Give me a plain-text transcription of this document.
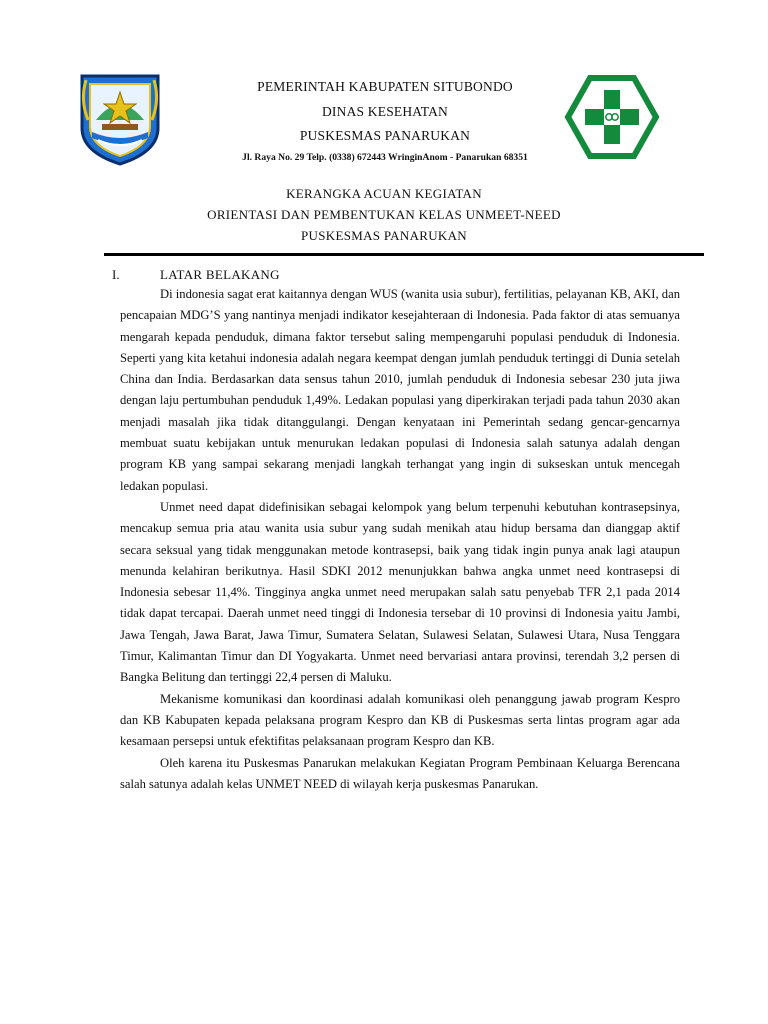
PEMERINTAH KABUPATEN SITUBONDO
DINAS KESEHATAN
PUSKESMAS PANARUKAN
Jl. Raya No. 29 Telp. (0338) 672443 WringinAnom - Panarukan 68351
KERANGKA ACUAN KEGIATAN
ORIENTASI DAN PEMBENTUKAN KELAS UNMEET-NEED
PUSKESMAS PANARUKAN
I.	LATAR BELAKANG

Di indonesia sagat erat kaitannya dengan WUS (wanita usia subur), fertilitias, pelayanan KB, AKI, dan pencapaian MDG’S yang nantinya menjadi indikator kesejahteraan di Indonesia. Pada faktor di atas semuanya mengarah kepada penduduk, dimana faktor tersebut saling mempengaruhi populasi penduduk di Indonesia. Seperti yang kita ketahui indonesia adalah negara keempat dengan jumlah penduduk tertinggi di Dunia setelah China dan India. Berdasarkan data sensus tahun 2010, jumlah penduduk di Indonesia sebesar 230 juta jiwa dengan laju pertumbuhan penduduk 1,49%. Ledakan populasi yang diperkirakan terjadi pada tahun 2030 akan menjadi masalah jika tidak ditanggulangi. Dengan kenyataan ini Pemerintah sedang gencar-gencarnya membuat suatu kebijakan untuk menurukan ledakan populasi di Indonesia salah satunya adalah dengan program KB yang sampai sekarang menjadi langkah terhangat yang ingin di sukseskan untuk mencegah ledakan populasi.

Unmet need dapat didefinisikan sebagai kelompok yang belum terpenuhi kebutuhan kontrasepsinya, mencakup semua pria atau wanita usia subur yang sudah menikah atau hidup bersama dan dianggap aktif secara seksual yang tidak menggunakan metode kontrasepsi, baik yang tidak ingin punya anak lagi ataupun menunda kelahiran berikutnya. Hasil SDKI 2012 menunjukkan bahwa angka unmet need kontrasepsi di Indonesia sebesar 11,4%. Tingginya angka unmet need merupakan salah satu penyebab TFR 2,1 pada 2014 tidak dapat tercapai. Daerah unmet need tinggi di Indonesia tersebar di 10 provinsi di Indonesia yaitu Jambi, Jawa Tengah, Jawa Barat, Jawa Timur, Sumatera Selatan, Sulawesi Selatan, Sulawesi Utara, Nusa Tenggara Timur, Kalimantan Timur dan DI Yogyakarta. Unmet need bervariasi antara provinsi, terendah 3,2 persen di Bangka Belitung dan tertinggi 22,4 persen di Maluku.

Mekanisme komunikasi dan koordinasi adalah komunikasi oleh penanggung jawab program Kespro dan KB Kabupaten kepada pelaksana program Kespro dan KB di Puskesmas serta lintas program agar ada kesamaan persepsi untuk efektifitas pelaksanaan program Kespro dan KB.

Oleh karena itu Puskesmas Panarukan melakukan Kegiatan Program Pembinaan Keluarga Berencana salah satunya adalah kelas UNMET NEED di wilayah kerja puskesmas Panarukan.
